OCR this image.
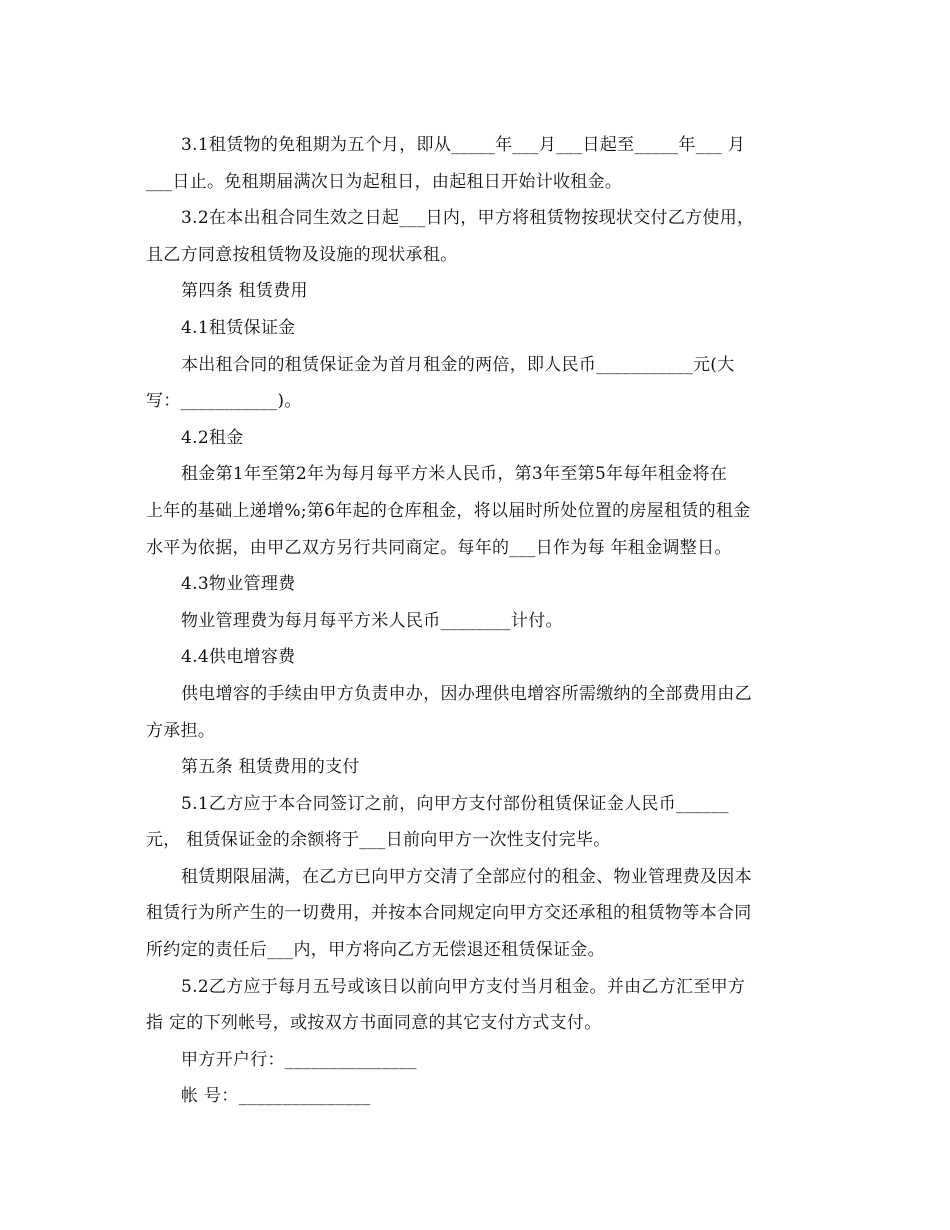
3.1租赁物的免租期为五个月，即从_____年___月___日起至_____年___ 月
___日止。免租期届满次日为起租日，由起租日开始计收租金。
3.2在本出租合同生效之日起___日内，甲方将租赁物按现状交付乙方使用，
且乙方同意按租赁物及设施的现状承租。
第四条 租赁费用
4.1租赁保证金
本出租合同的租赁保证金为首月租金的两倍，即人民币___________元(大
写：___________)。
4.2租金
租金第1年至第2年为每月每平方米人民币，第3年至第5年每年租金将在
上年的基础上递增%;第6年起的仓库租金，将以届时所处位置的房屋租赁的租金
水平为依据，由甲乙双方另行共同商定。每年的___日作为每 年租金调整日。
4.3物业管理费
物业管理费为每月每平方米人民币________计付。
4.4供电增容费
供电增容的手续由甲方负责申办，因办理供电增容所需缴纳的全部费用由乙
方承担。
第五条 租赁费用的支付
5.1乙方应于本合同签订之前，向甲方支付部份租赁保证金人民币______
元， 租赁保证金的余额将于___日前向甲方一次性支付完毕。
租赁期限届满，在乙方已向甲方交清了全部应付的租金、物业管理费及因本
租赁行为所产生的一切费用，并按本合同规定向甲方交还承租的租赁物等本合同
所约定的责任后___内，甲方将向乙方无偿退还租赁保证金。
5.2乙方应于每月五号或该日以前向甲方支付当月租金。并由乙方汇至甲方
指 定的下列帐号，或按双方书面同意的其它支付方式支付。
甲方开户行：_______________
帐 号：_______________
